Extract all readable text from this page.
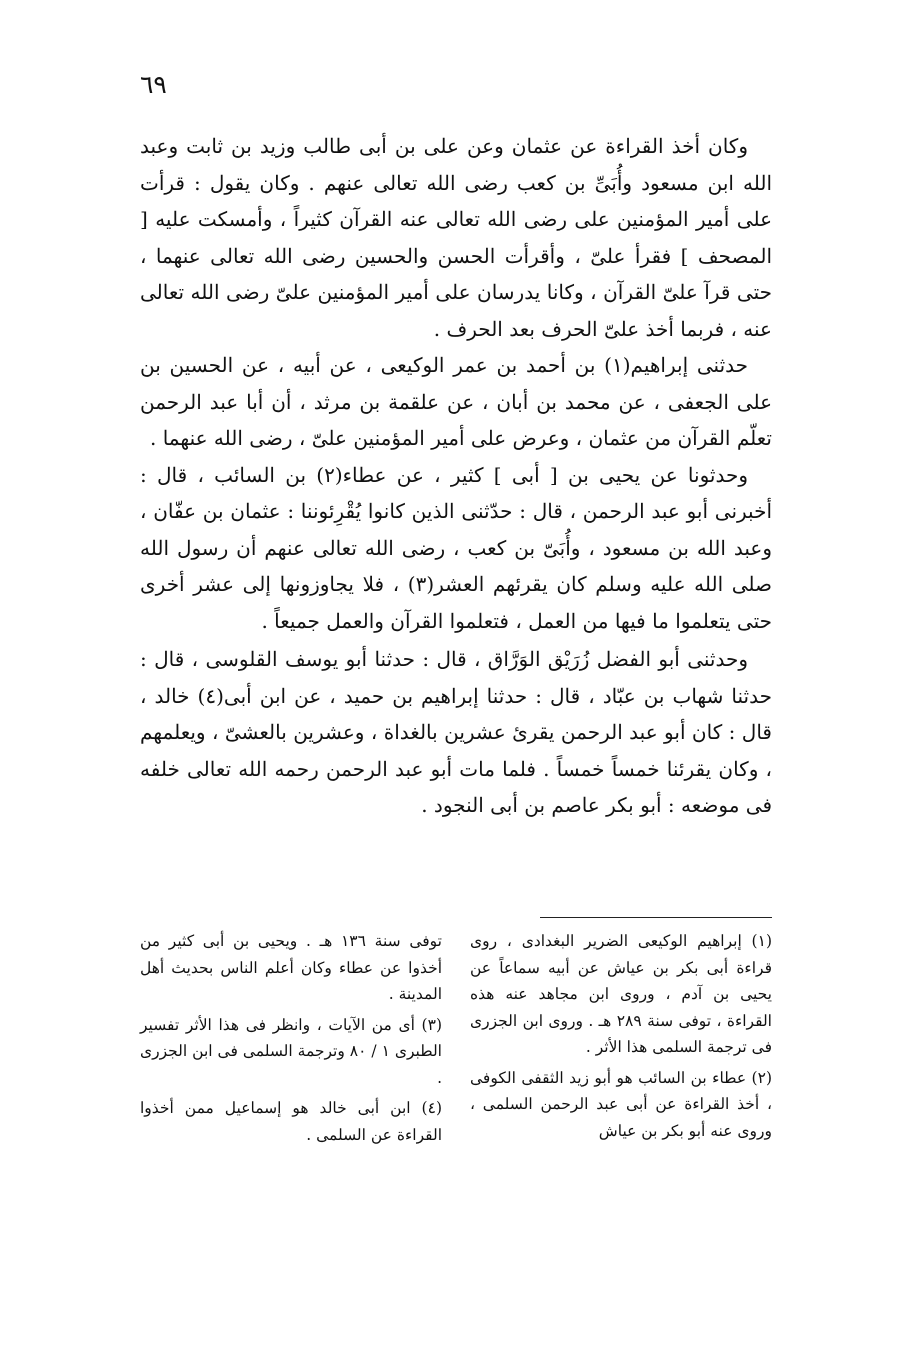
٦٩

وكان أخذ القراءة عن عثمان وعن على بن أبى طالب وزيد بن ثابت وعبد الله ابن مسعود وأُبَىِّ بن كعب رضى الله تعالى عنهم . وكان يقول : قرأت على أمير المؤمنين على رضى الله تعالى عنه القرآن كثيراً ، وأمسكت عليه [ المصحف ] فقرأ علىّ ، وأقرأت الحسن والحسين رضى الله تعالى عنهما ، حتى قرآ علىّ القرآن ، وكانا يدرسان على أمير المؤمنين علىّ رضى الله تعالى عنه ، فربما أخذ علىّ الحرف بعد الحرف .

حدثنى إبراهيم(١) بن أحمد بن عمر الوكيعى ، عن أبيه ، عن الحسين بن على الجعفى ، عن محمد بن أبان ، عن علقمة بن مرثد ، أن أبا عبد الرحمن تعلّم القرآن من عثمان ، وعرض على أمير المؤمنين علىّ ، رضى الله عنهما .

وحدثونا عن يحيى بن [ أبى ] كثير ، عن عطاء(٢) بن السائب ، قال : أخبرنى أبو عبد الرحمن ، قال : حدّثنى الذين كانوا يُقْرِئوننا : عثمان بن عفّان ، وعبد الله بن مسعود ، وأُبَىّ بن كعب ، رضى الله تعالى عنهم أن رسول الله صلى الله عليه وسلم كان يقرئهم العشر(٣) ، فلا يجاوزونها إلى عشر أخرى حتى يتعلموا ما فيها من العمل ، فتعلموا القرآن والعمل جميعاً .

وحدثنى أبو الفضل زُرَيْق الوَرَّاق ، قال : حدثنا أبو يوسف القلوسى ، قال : حدثنا شهاب بن عبّاد ، قال : حدثنا إبراهيم بن حميد ، عن ابن أبى(٤) خالد ، قال : كان أبو عبد الرحمن يقرئ عشرين بالغداة ، وعشرين بالعشىّ ، ويعلمهم ، وكان يقرئنا خمساً خمساً . فلما مات أبو عبد الرحمن رحمه الله تعالى خلفه فى موضعه : أبو بكر عاصم بن أبى النجود .

(١) إبراهيم الوكيعى الضرير البغدادى ، روى قراءة أبى بكر بن عياش عن أبيه سماعاً عن يحيى بن آدم ، وروى ابن مجاهد عنه هذه القراءة ، توفى سنة ٢٨٩ هـ . وروى ابن الجزرى فى ترجمة السلمى هذا الأثر .

(٢) عطاء بن السائب هو أبو زيد الثقفى الكوفى ، أخذ القراءة عن أبى عبد الرحمن السلمى ، وروى عنه أبو بكر بن عياش

توفى سنة ١٣٦ هـ . ويحيى بن أبى كثير من أخذوا عن عطاء وكان أعلم الناس بحديث أهل المدينة .

(٣) أى من الآيات ، وانظر فى هذا الأثر تفسير الطبرى ١ / ٨٠ وترجمة السلمى فى ابن الجزرى .

(٤) ابن أبى خالد هو إسماعيل ممن أخذوا القراءة عن السلمى .
